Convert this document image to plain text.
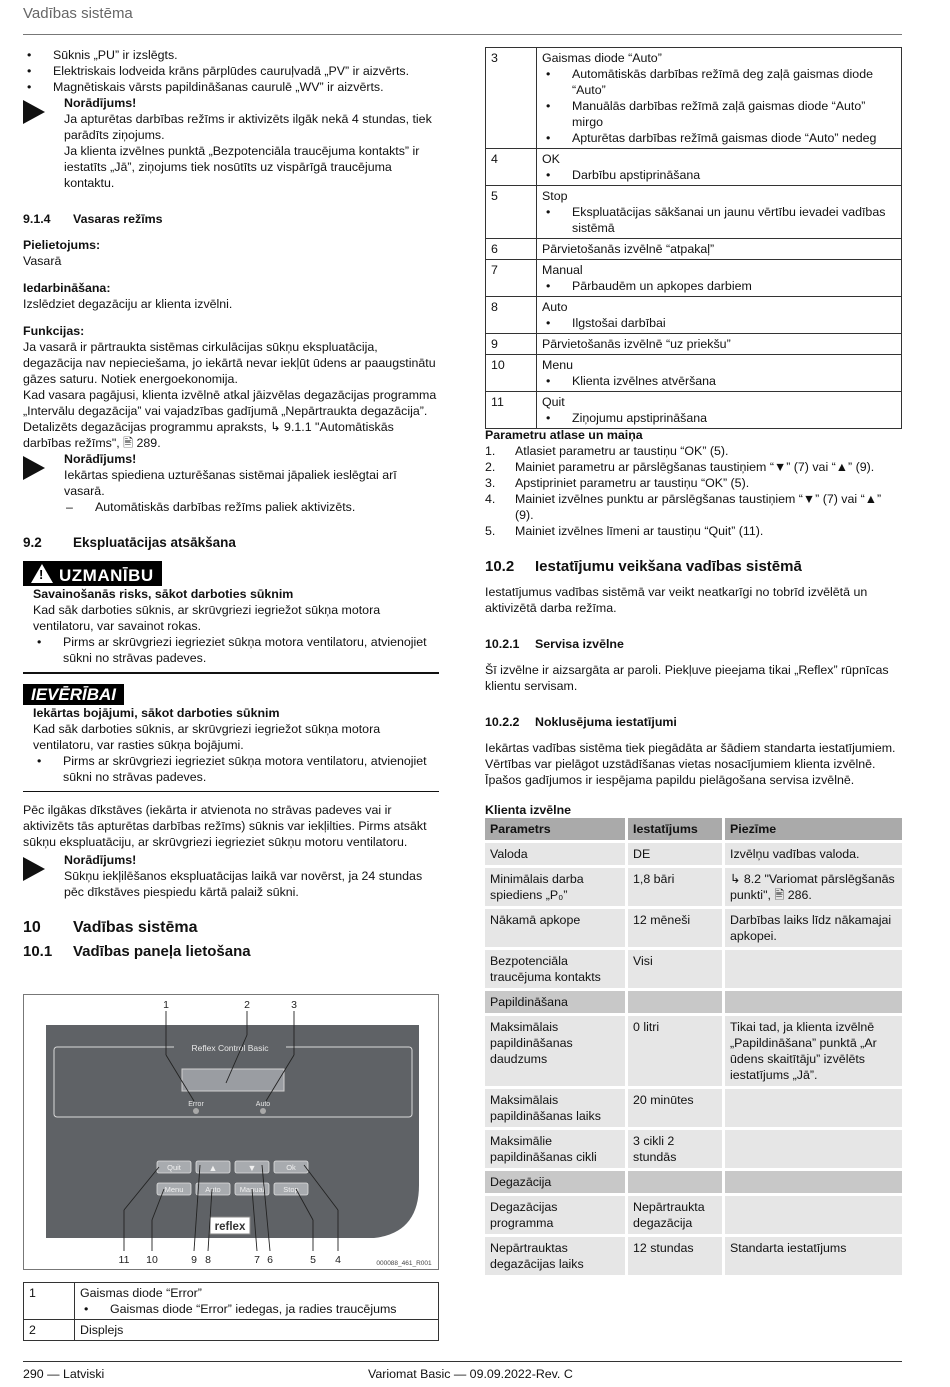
Vadības sistēma
• Sūknis „PU” ir izslēgts.
• Elektriskais lodveida krāns pārplūdes cauruļvadā „PV” ir aizvērts.
• Magnētiskais vārsts papildināšanas caurulē „WV” ir aizvērts.
Norādījums!
Ja apturētas darbības režīms ir aktivizēts ilgāk nekā 4 stundas, tiek parādīts ziņojums.
Ja klienta izvēlnes punktā „Bezpotenciāla traucējuma kontakts” ir iestatīts „Jā”, ziņojums tiek nosūtīts uz vispārīgā traucējuma kontaktu.
9.1.4 Vasaras režīms
Pielietojums:
Vasarā
Iedarbināšana:
Izslēdziet degazāciju ar klienta izvēlni.
Funkcijas:
Ja vasarā ir pārtraukta sistēmas cirkulācijas sūkņu ekspluatācija, degazācija nav nepieciešama, jo iekārtā nevar iekļūt ūdens ar paaugstinātu gāzes saturu. Notiek energoekonomija.
Kad vasara pagājusi, klienta izvēlnē atkal jāizvēlas degazācijas programma „Intervālu degazācija” vai vajadzības gadījumā „Nepārtraukta degazācija”.
Detalizēts degazācijas programmu apraksts, ↳ 9.1.1 "Automātiskās darbības režīms", 🖹 289.
Norādījums!
Iekārtas spiediena uzturēšanas sistēmai jāpaliek ieslēgtai arī vasarā.
– Automātiskās darbības režīms paliek aktivizēts.
9.2 Ekspluatācijas atsākšana
! UZMANĪBU
Savainošanās risks, sākot darboties sūknim
Kad sāk darboties sūknis, ar skrūvgriezi iegriežot sūkņa motora ventilatoru, var savainot rokas.
• Pirms ar skrūvgriezi iegrieziet sūkņa motora ventilatoru, atvienojiet sūkni no strāvas padeves.
IEVĒRĪBAI
Iekārtas bojājumi, sākot darboties sūknim
Kad sāk darboties sūknis, ar skrūvgriezi iegriežot sūkņa motora ventilatoru, var rasties sūkņa bojājumi.
• Pirms ar skrūvgriezi iegrieziet sūkņa motora ventilatoru, atvienojiet sūkni no strāvas padeves.
Pēc ilgākas dīkstāves (iekārta ir atvienota no strāvas padeves vai ir aktivizēts tās apturētas darbības režīms) sūknis var iekļilties. Pirms atsākt sūkņu ekspluatāciju, ar skrūvgriezi iegrieziet sūkņu motoru ventilatoru.
Norādījums!
Sūkņu iekļilēšanos ekspluatācijas laikā var novērst, ja 24 stundas pēc dīkstāves piespiedu kārtā palaiž sūkni.
10 Vadības sistēma
10.1 Vadības paneļa lietošana
Reflex Control Basic
Error	Auto
Quit	▲	▼	Ok
Menu	Auto	Manual	Stop
reflex
1	2	3
11 10	9 8	7 6	5 4	000088_461_R001
1	Gaismas diode “Error”
• Gaismas diode “Error” iedegas, ja radies traucējums

2	Displejs
3	Gaismas diode “Auto”
• Automātiskās darbības režīmā deg zaļā gaismas diode “Auto”
• Manuālās darbības režīmā zaļā gaismas diode “Auto” mirgo
• Apturētas darbības režīmā gaismas diode “Auto” nedeg

4	OK
• Darbību apstiprināšana

5	Stop
• Ekspluatācijas sākšanai un jaunu vērtību ievadei vadības sistēmā

6	Pārvietošanās izvēlnē “atpakaļ”
7	Manual
• Pārbaudēm un apkopes darbiem

8	Auto
• Ilgstošai darbībai

9	Pārvietošanās izvēlnē “uz priekšu”
10	Menu
• Klienta izvēlnes atvēršana

11	Quit
• Ziņojumu apstiprināšana
Parametru atlase un maiņa
1. Atlasiet parametru ar taustiņu “OK” (5).
2. Mainiet parametru ar pārslēgšanas taustiņiem “▼” (7) vai “▲” (9).
3. Apstipriniet parametru ar taustiņu “OK” (5).
4. Mainiet izvēlnes punktu ar pārslēgšanas taustiņiem “▼” (7) vai “▲” (9).
5. Mainiet izvēlnes līmeni ar taustiņu “Quit” (11).
10.2 Iestatījumu veikšana vadības sistēmā
Iestatījumus vadības sistēmā var veikt neatkarīgi no tobrīd izvēlētā un aktivizētā darba režīma.
10.2.1 Servisa izvēlne
Šī izvēlne ir aizsargāta ar paroli. Piekļuve pieejama tikai „Reflex” rūpnīcas klientu servisam.
10.2.2 Noklusējuma iestatījumi
Iekārtas vadības sistēma tiek piegādāta ar šādiem standarta iestatījumiem. Vērtības var pielāgot uzstādīšanas vietas nosacījumiem klienta izvēlnē. Īpašos gadījumos ir iespējama papildu pielāgošana servisa izvēlnē.
Klienta izvēlne
Parametrs	Iestatījums	Piezīme
Valoda	DE	Izvēlņu vadības valoda.
Minimālais darba spiediens „P₀”	1,8 bāri	↳ 8.2 "Variomat pārslēgšanās punkti", 🖹 286.
Nākamā apkope	12 mēneši	Darbības laiks līdz nākamajai apkopei.
Bezpotenciāla traucējuma kontakts	Visi	
Papildināšana		
Maksimālais papildināšanas daudzums	0 litri	Tikai tad, ja klienta izvēlnē „Papildināšana” punktā „Ar ūdens skaitītāju” izvēlēts iestatījums „Jā”.
Maksimālais papildināšanas laiks	20 minūtes	
Maksimālie papildināšanas cikli	3 cikli 2 stundās	
Degazācija		
Degazācijas programma	Nepārtraukta degazācija	
Nepārtrauktas degazācijas laiks	12 stundas	Standarta iestatījums
290 — Latviski	Variomat Basic — 09.09.2022-Rev. C
